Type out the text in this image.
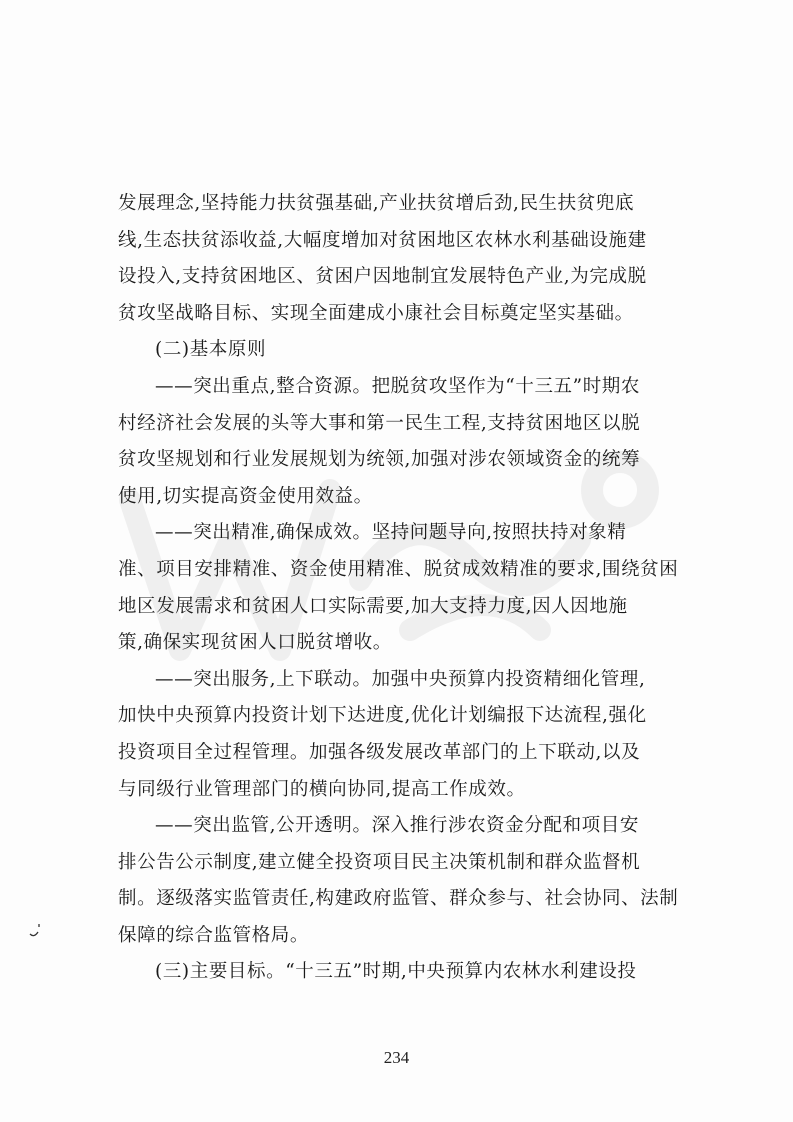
发展理念,坚持能力扶贫强基础,产业扶贫增后劲,民生扶贫兜底
线,生态扶贫添收益,大幅度增加对贫困地区农林水利基础设施建
设投入,支持贫困地区、贫困户因地制宜发展特色产业,为完成脱
贫攻坚战略目标、实现全面建成小康社会目标奠定坚实基础。
(二)基本原则
——突出重点,整合资源。把脱贫攻坚作为“十三五”时期农
村经济社会发展的头等大事和第一民生工程,支持贫困地区以脱
贫攻坚规划和行业发展规划为统领,加强对涉农领域资金的统筹
使用,切实提高资金使用效益。
——突出精准,确保成效。坚持问题导向,按照扶持对象精
准、项目安排精准、资金使用精准、脱贫成效精准的要求,围绕贫困
地区发展需求和贫困人口实际需要,加大支持力度,因人因地施
策,确保实现贫困人口脱贫增收。
——突出服务,上下联动。加强中央预算内投资精细化管理,
加快中央预算内投资计划下达进度,优化计划编报下达流程,强化
投资项目全过程管理。加强各级发展改革部门的上下联动,以及
与同级行业管理部门的横向协同,提高工作成效。
——突出监管,公开透明。深入推行涉农资金分配和项目安
排公告公示制度,建立健全投资项目民主决策机制和群众监督机
制。逐级落实监管责任,构建政府监管、群众参与、社会协同、法制
保障的综合监管格局。
(三)主要目标。“十三五”时期,中央预算内农林水利建设投
234
